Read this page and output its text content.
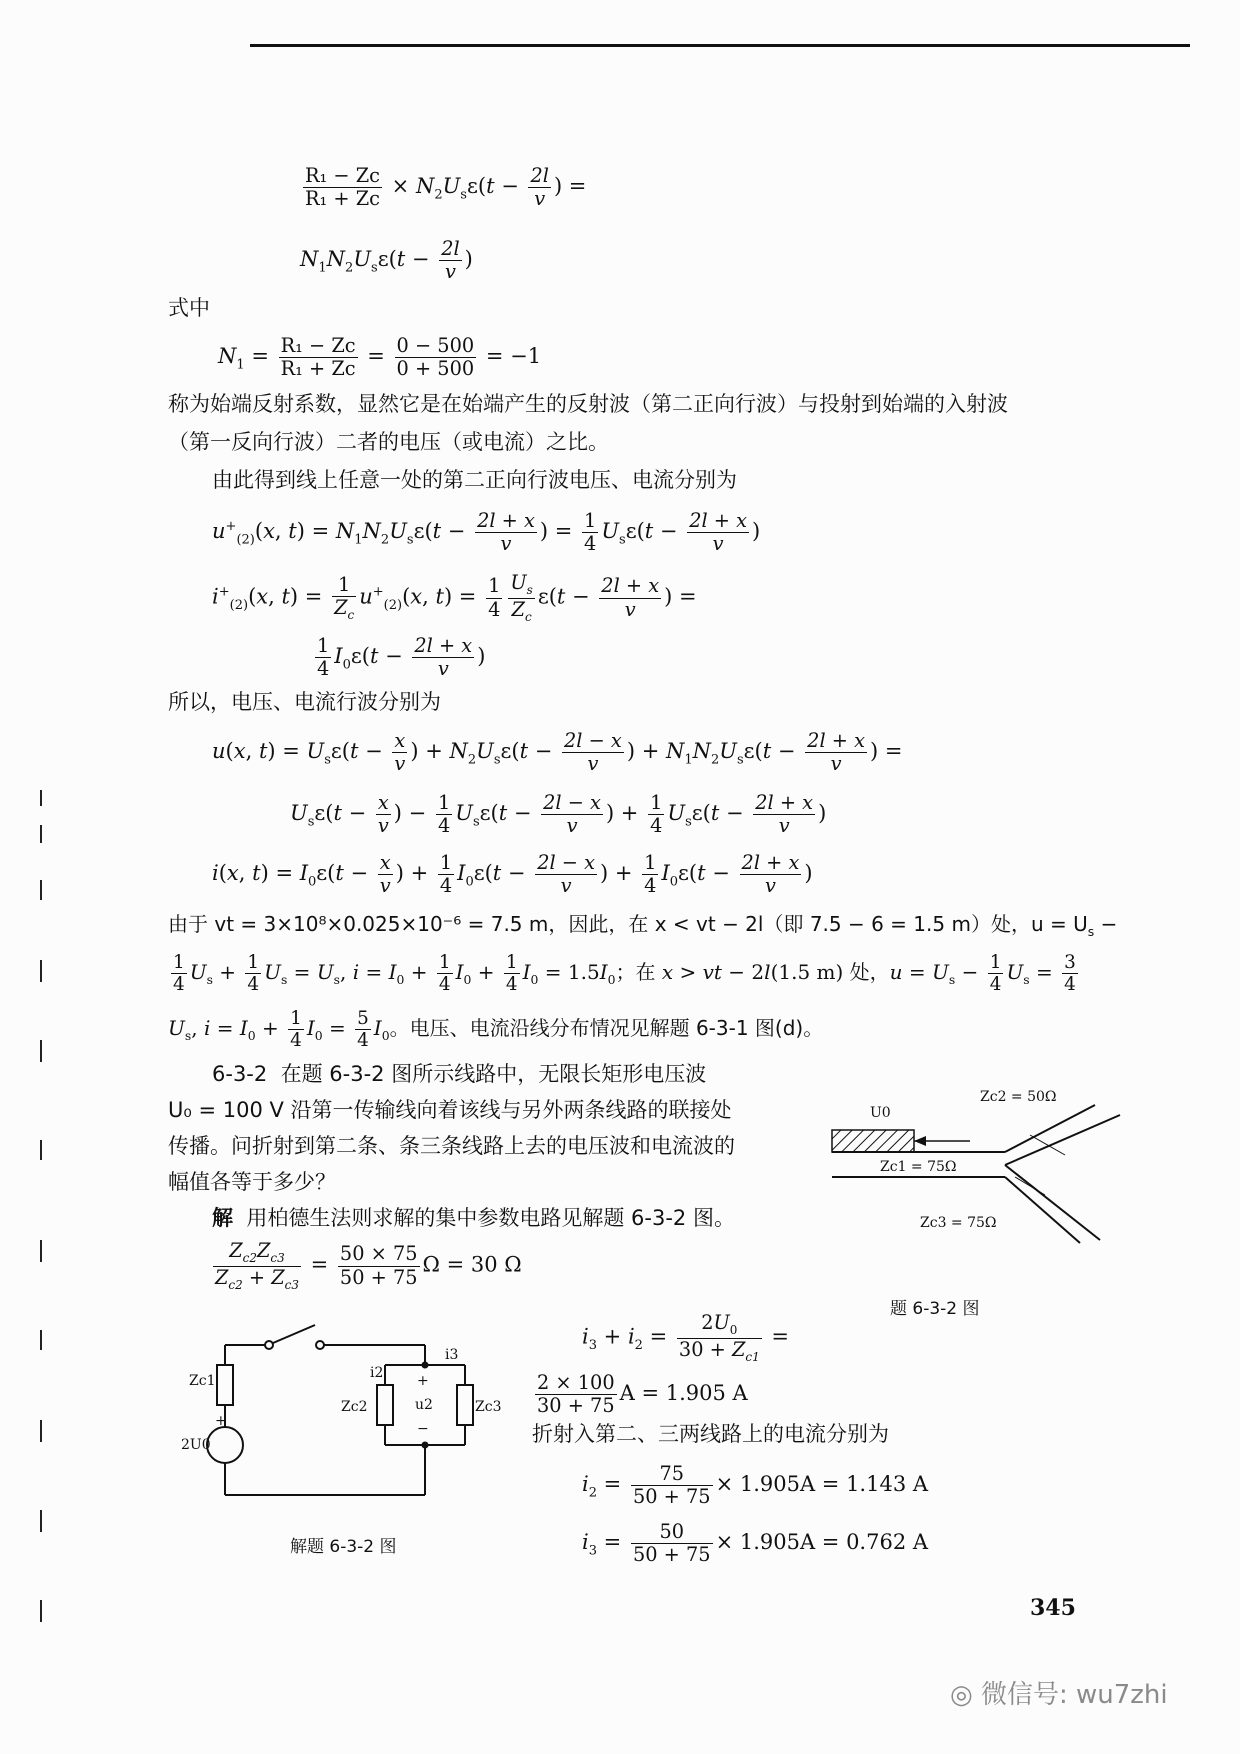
$\frac{\text{R₁ − Zc}}{\text{R₁ + Zc}} \times N_2U_s\varepsilon(t - \frac{2l}{v}$ ) =
$N_1N_2U_s\varepsilon(t - \frac{2l}{v}$ )
式中
$N_1 = \frac{\text{R₁ − Zc}}{\text{R₁ + Zc}} = \frac{0 - 500}{0 + 500} = -1$
称为始端反射系数，显然它是在始端产生的反射波（第二正向行波）与投射到始端的入射波
（第一反向行波）二者的电压（或电流）之比。
由此得到线上任意一处的第二正向行波电压、电流分别为
$u^+_{(2)}(x$, $t) = N_1N_2U_s\varepsilon(t - \frac{2l + x}{v}$ ) = $\frac{1}{4} U_s\varepsilon(t - \frac{2l + x}{v}$ )
$i^+_{(2)}(x$, $t) = \frac{1}{Z_c} u^+_{(2)}(x$, $t) = \frac{1}{4} \frac{U_s}{Z_c} \varepsilon(t - \frac{2l + x}{v}$ ) =
$\frac{1}{4} I_0\varepsilon(t - \frac{2l + x}{v}$ )
所以，电压、电流行波分别为
u(x, $t) = U_s\varepsilon(t - \frac{x}{v}$ ) + $N_2U_s\varepsilon(t - \frac{2l - x}{v}$ ) + $N_1N_2U_s\varepsilon(t - \frac{2l + x}{v}$ ) =
$U_s\varepsilon(t - \frac{x}{v}$ ) − $\frac{1}{4} U_s\varepsilon(t - \frac{2l - x}{v}$ ) + $\frac{1}{4} U_s\varepsilon(t - \frac{2l + x}{v}$ )
i(x, $t) = I_0\varepsilon(t - \frac{x}{v}$ ) + $\frac{1}{4} I_0\varepsilon(t - \frac{2l - x}{v}$ ) + $\frac{1}{4} I_0\varepsilon(t - \frac{2l + x}{v}$ )
由于 vt = 3×10⁸×0.025×10⁻⁶ = 7.5 m，因此，在 x < vt − 2l（即 7.5 − 6 = 1.5 m）处，$u = U_s$ −
$\frac{1}{4} U_s + \frac{1}{4} U_s = U_s$, $i = I_0 + \frac{1}{4} I_0 + \frac{1}{4} I_0 = 1.5I_0$；在 x > vt − 2l(1.5 m) 处，$u = U_s - \frac{1}{4} U_s = \frac{3}{4}$
$U_s$, $i = I_0 + \frac{1}{4} I_0 = \frac{5}{4} I_0$。电压、电流沿线分布情况见解题 6-3-1 图(d)。
6-3-2 在题 6-3-2 图所示线路中，无限长矩形电压波
U₀ = 100 V 沿第一传输线向着该线与另外两条线路的联接处
传播。问折射到第二条、条三条线路上去的电压波和电流波的
幅值各等于多少？
解 用柏德生法则求解的集中参数电路见解题 6-3-2 图。
$\frac{Z_{c2}Z_{c3}}{Z_{c2} + Z_{c3}} = \frac{50 \times 75}{50 + 75}$ Ω = 30 Ω
Zc2 = 50Ω
U0
Zc1 = 75Ω
Zc3 = 75Ω
题 6-3-2 图
$i_3 + i_2 = \frac{2U_0}{30 + Z_{c1}}$ =
$\frac{2 \times 100}{30 + 75}$ A = 1.905 A
折射入第二、三两线路上的电流分别为
$i_2 = \frac{75}{50 + 75} \times 1.905A = 1.143$ A
$i_3 = \frac{50}{50 + 75} \times 1.905A = 0.762$ A
Zc1
2U0
+
Zc2	Zc3
i2
i3
+
u2
−
解题 6-3-2 图
345
◎ 微信号: wu7zhi
